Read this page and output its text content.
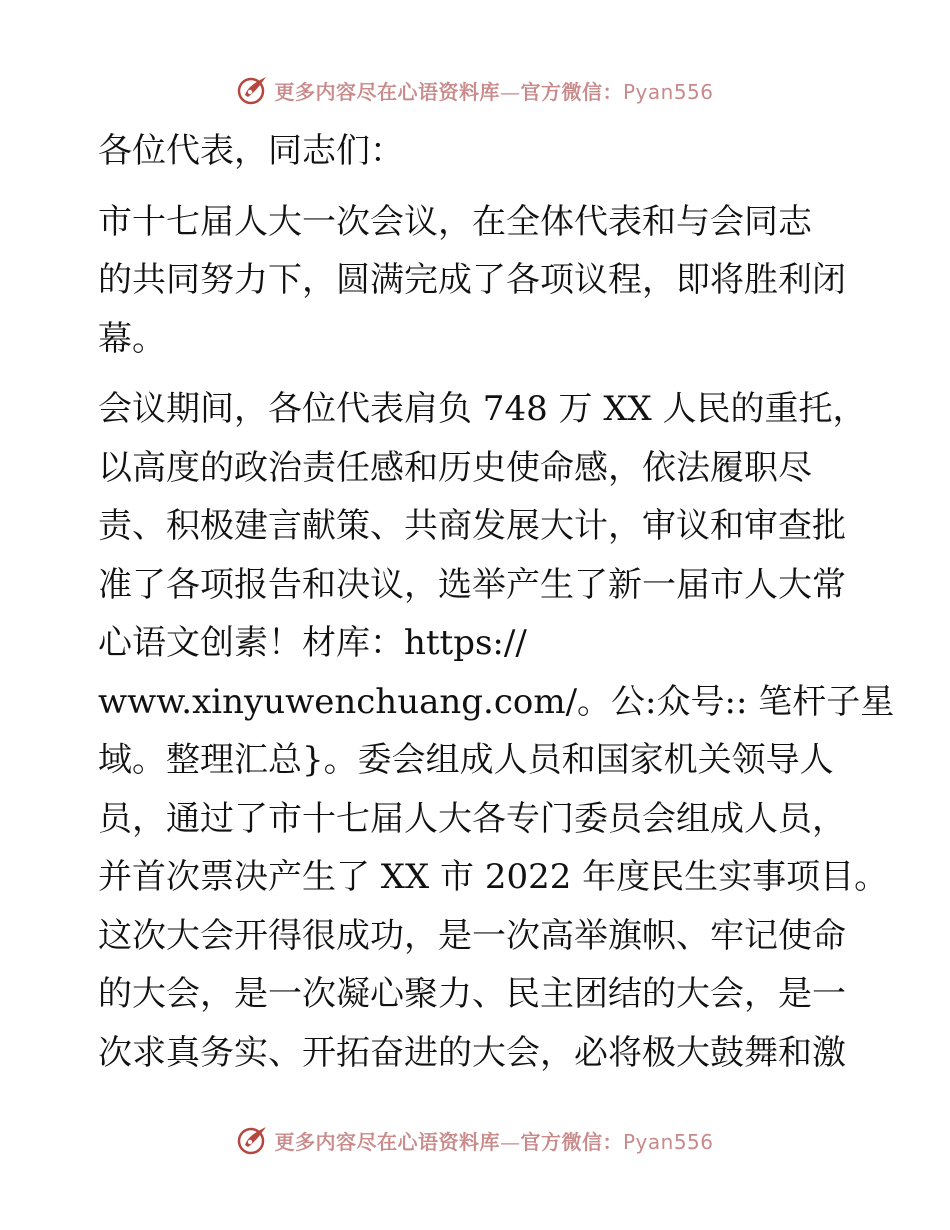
更多内容尽在心语资料库—官方微信：Pyan556
各位代表，同志们：
市十七届人大一次会议，在全体代表和与会同志
的共同努力下，圆满完成了各项议程，即将胜利闭
幕。
会议期间，各位代表肩负 748 万 XX 人民的重托，
以高度的政治责任感和历史使命感，依法履职尽
责、积极建言献策、共商发展大计，审议和审查批
准了各项报告和决议，选举产生了新一届市人大常
心语文创素！材库：https://
www.xinyuwenchuang.com/。公:众号:: 笔杆子星
域。整理汇总}。委会组成人员和国家机关领导人
员，通过了市十七届人大各专门委员会组成人员，
并首次票决产生了 XX 市 2022 年度民生实事项目。
这次大会开得很成功，是一次高举旗帜、牢记使命
的大会，是一次凝心聚力、民主团结的大会，是一
次求真务实、开拓奋进的大会，必将极大鼓舞和激
更多内容尽在心语资料库—官方微信：Pyan556
